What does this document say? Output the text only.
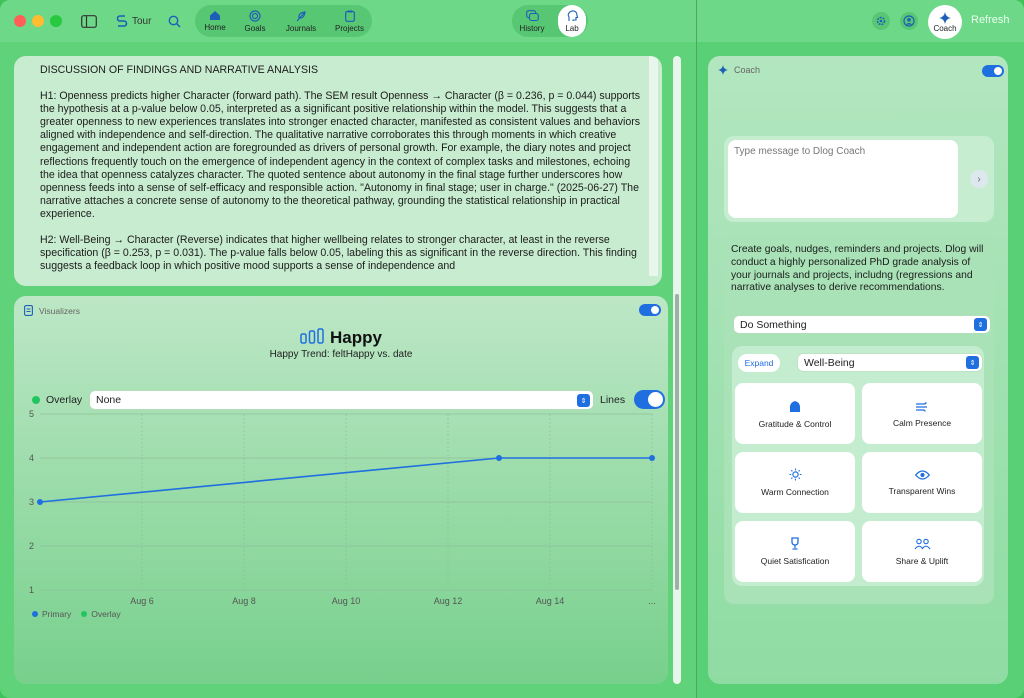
Tour
Home Goals	Journals Projects	History	Lab	Coach
Refresh

DISCUSSION OF FINDINGS AND NARRATIVE ANALYSIS

H1: Openness predicts higher Character (forward path). The SEM result Openness → Character (β = 0.236, p = 0.044) supports the hypothesis at a p-value below 0.05, interpreted as a significant positive relationship within the model. This suggests that a greater openness to new experiences translates into stronger enacted character, manifested as consistent values and behaviors aligned with independence and self-direction. The qualitative narrative corroborates this through moments in which creative engagement and independent action are foregrounded as drivers of personal growth. For example, the diary notes and project reflections frequently touch on the emergence of independent agency in the context of complex tasks and milestones, echoing the idea that openness catalyzes character. The quoted sentence about autonomy in the final stage further underscores how openness feeds into a sense of self-efficacy and responsible action. "Autonomy in final stage; user in charge." (2025-06-27) The narrative attaches a concrete sense of autonomy to the theoretical pathway, grounding the statistical relationship in practical experience.

H2: Well-Being → Character (Reverse) indicates that higher wellbeing relates to stronger character, at least in the reverse specification (β = 0.253, p = 0.031). The p-value falls below 0.05, labeling this as significant in the reverse direction. This finding suggests a feedback loop in which positive mood supports a sense of independence and

Visualizers
Happy
Happy Trend: feltHappy vs. date
Overlay None	⇕	Lines
1
2
3
4
5
Aug 6	Aug 8	Aug 10	Aug 12	Aug 14	...
Primary Overlay
Coach
Type message to Dlog Coach
›
Create goals, nudges, reminders and projects. Dlog will conduct a highly personalized PhD grade analysis of your journals and projects, includng (regressions and narrative analyses to derive recommendations.
Do Something	⇕
Expand	Well-Being	⇕
Gratitude & Control	Calm Presence
Warm Connection	Transparent Wins
Quiet Satisfication	Share & Uplift
